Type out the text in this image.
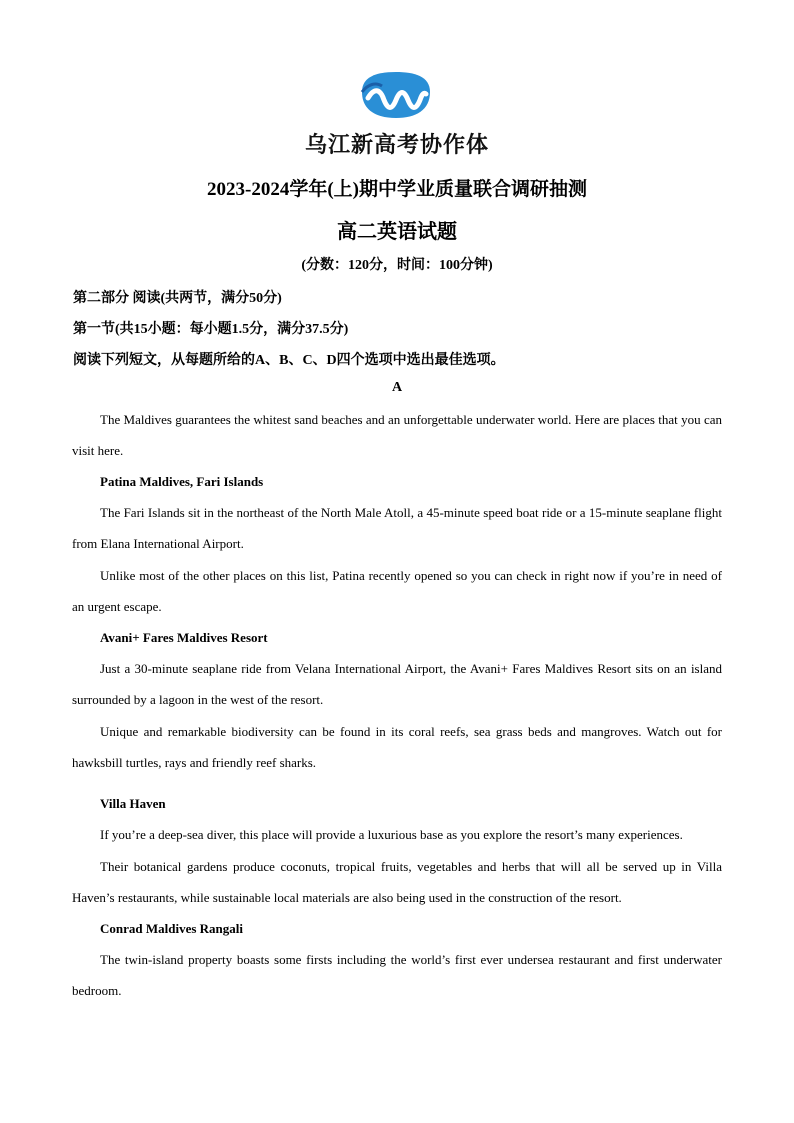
乌江新高考协作体
2023-2024学年(上)期中学业质量联合调研抽测
高二英语试题
(分数：120分，时间：100分钟)
第二部分 阅读(共两节，满分50分)
第一节(共15小题：每小题1.5分，满分37.5分)
阅读下列短文，从每题所给的A、B、C、D四个选项中选出最佳选项。
A

The Maldives guarantees the whitest sand beaches and an unforgettable underwater world. Here are places that you can visit here.

Patina Maldives, Fari Islands

The Fari Islands sit in the northeast of the North Male Atoll, a 45-minute speed boat ride or a 15-minute seaplane flight from Elana International Airport.

Unlike most of the other places on this list, Patina recently opened so you can check in right now if you’re in need of an urgent escape.

Avani+ Fares Maldives Resort

Just a 30-minute seaplane ride from Velana International Airport, the Avani+ Fares Maldives Resort sits on an island surrounded by a lagoon in the west of the resort.

Unique and remarkable biodiversity can be found in its coral reefs, sea grass beds and mangroves. Watch out for hawksbill turtles, rays and friendly reef sharks.

Villa Haven

If you’re a deep-sea diver, this place will provide a luxurious base as you explore the resort’s many experiences.

Their botanical gardens produce coconuts, tropical fruits, vegetables and herbs that will all be served up in Villa Haven’s restaurants, while sustainable local materials are also being used in the construction of the resort.

Conrad Maldives Rangali

The twin-island property boasts some firsts including the world’s first ever undersea restaurant and first underwater bedroom.
